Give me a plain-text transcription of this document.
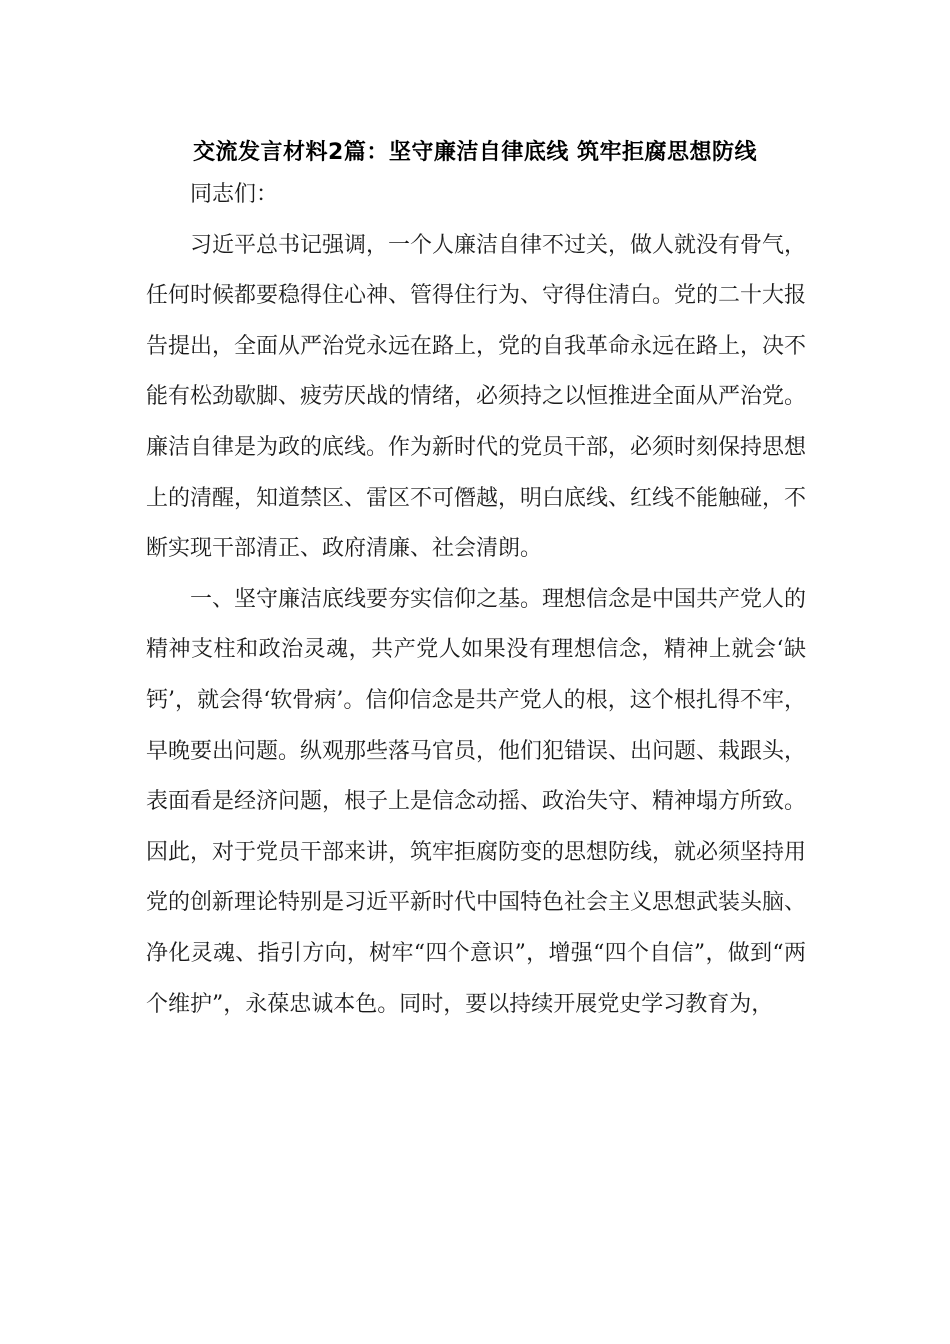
交流发言材料2篇：坚守廉洁自律底线 筑牢拒腐思想防线

同志们：

习近平总书记强调，一个人廉洁自律不过关，做人就没有骨气，任何时候都要稳得住心神、管得住行为、守得住清白。党的二十大报告提出，全面从严治党永远在路上，党的自我革命永远在路上，决不能有松劲歇脚、疲劳厌战的情绪，必须持之以恒推进全面从严治党。廉洁自律是为政的底线。作为新时代的党员干部，必须时刻保持思想上的清醒，知道禁区、雷区不可僭越，明白底线、红线不能触碰，不断实现干部清正、政府清廉、社会清朗。

一、坚守廉洁底线要夯实信仰之基。理想信念是中国共产党人的精神支柱和政治灵魂，共产党人如果没有理想信念，精神上就会‘缺钙’，就会得‘软骨病’。信仰信念是共产党人的根，这个根扎得不牢，早晚要出问题。纵观那些落马官员，他们犯错误、出问题、栽跟头，表面看是经济问题，根子上是信念动摇、政治失守、精神塌方所致。因此，对于党员干部来讲，筑牢拒腐防变的思想防线，就必须坚持用党的创新理论特别是习近平新时代中国特色社会主义思想武装头脑、净化灵魂、指引方向，树牢“四个意识”，增强“四个自信”，做到“两个维护”，永葆忠诚本色。同时，要以持续开展党史学习教育为，
